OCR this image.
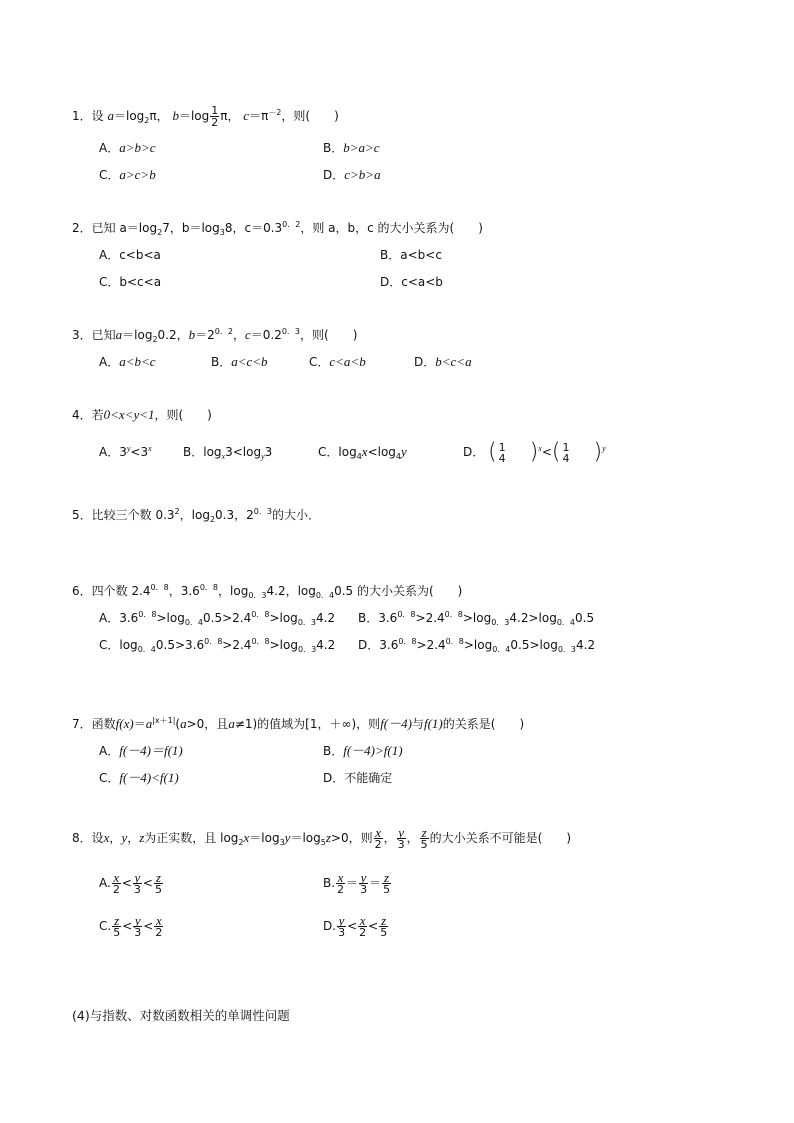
1．设 $a=\log_2\pi$， $b=\log \frac{1}{2}$ π， $c=\pi^{-2}$，则(　　)
A．a>b>c	B．b>a>c
C．a>c>b	D．c>b>a
2．已知 $a=\log_27$，$b=\log_38$，$c=0.3^{0.2}$，则 a，b，c 的大小关系为(　　)
A．c<b<a	B．a<b<c
C．b<c<a	D．c<a<b
3．已知$a=\log_20.2$，$b=2^{0.2}$，$c=0.2^{0.3}$，则(　　)
A．a<b<c	B．a<c<b	C．c<a<b	D．b<c<a
4．若0<x<y<1，则(　　)
A．$3^y<3^x$	B．$\log_x3<\log_y3$	C．$\log_4x<\log_4y$	D． ( 1
4 )$^x$<( 1
4 )$^y$
5．比较三个数 $0.3^2$，$\log_20.3$，$2^{0.3}$的大小．
6．四个数 $2.4^{0.8}$，$3.6^{0.8}$，$\log_{0.3}4.2$，$\log_{0.4}0.5$ 的大小关系为(　　)
A．$3.6^{0.8}>\log_{0.4}0.5>2.4^{0.8}>\log_{0.3}4.2$ B．$3.6^{0.8}>2.4^{0.8}>\log_{0.3}4.2>\log_{0.4}0.5$
C．$\log_{0.4}0.5>3.6^{0.8}>2.4^{0.8}>\log_{0.3}4.2$ D．$3.6^{0.8}>2.4^{0.8}>\log_{0.4}0.5>\log_{0.3}4.2$
7．函数$f(x)=a^{|x+1|}(a>0$，且a≠1)的值域为[1，＋∞)，则f(－4)与f(1)的关系是(　　)
A．f(－4)＝f(1)	B．f(－4)>f(1)
C．f(－4)<f(1)	D．不能确定
8．设x，y，z为正实数，且 $\log_2x=\log_3y=\log_5z>0$，则 $\frac{x}{2}$ ， $\frac{y}{3}$ ， $\frac{z}{5}$ 的大小关系不可能是(　　)
A. $\frac{x}{2} < \frac{y}{3} < \frac{z}{5}$	B. $\frac{x}{2} = \frac{y}{3} = \frac{z}{5}$
C. $\frac{z}{5} < \frac{y}{3} < \frac{x}{2}$	D. $\frac{y}{3} < \frac{x}{2} < \frac{z}{5}$
(4)与指数、对数函数相关的单调性问题
